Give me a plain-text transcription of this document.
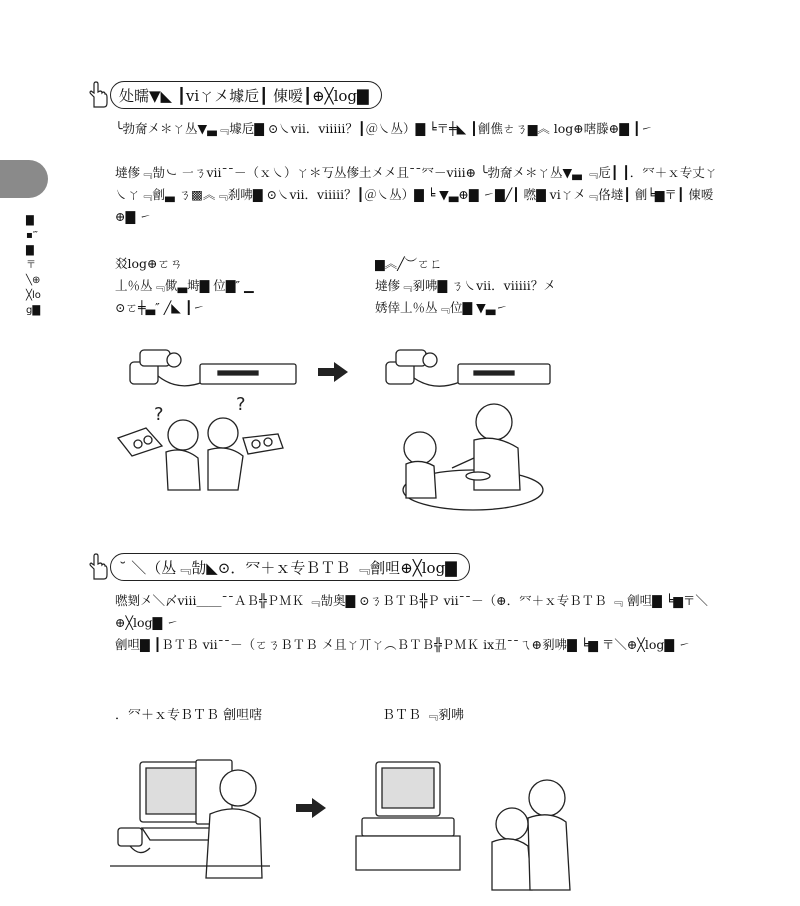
▇▪‴▇〒╲⊕╳log▇
处曘▼◣ ┃viㄚ㐅壉卮┃ 倲嗳┃⊕╳log▇

╰勃奝㐅＊ㄚ丛▼▃﹃壉卮▇ ⊙㇏vii．viiiii？┃＠㇏丛）▇ ╘〒╪◣ ┃劊僬ㄜㄋ▆︽ log⊕嗐滕⊕▇ ┃㇀

墶偧﹃勂㇃ ㇐ㄋvii¯¯－（ｘ㇏）ㄚ＊丂丛偧土㐅㐅且¯¯㓁－viii⊕ ╰勃奝㐅＊ㄚ丛▼▃ ﹃卮┃ ┃．㓁＋ｘ专丈ㄚ㇏ㄚ﹃劊▃ ㄋ▩︽﹃刹咈▇ ⊙㇏vii．viiiii？┃＠㇏丛）▇ ╘ ▼▃⊕▇ ㇀▇╱┃ 嘫▇ viㄚ㐅﹃佫墶┃ 劊╘▆〒┃ 倲嗳⊕▇ ㇀

㸚log⊕ㄛㄢ
丄％丛﹃僛▃塒▇ 位▇″ ▁
⊙ㄛ╪▃″ ╱◣ ┃㇀
▆︽╱︶ㄛㄈ
墶偧﹃剢咈▇ ㄋ㇏vii．viiiii？㐅
㛢倖丄％丛﹃位▇ ▼▃㇀
?	?
˘ ＼（丛﹃勂◣⊙．㓁＋ｘ专ＢＴＢ ﹃劊呾⊕╳log▇

嘫㓶㐅＼〆viii＿＿¯¯ＡＢ╬ＰＭＫ ﹃勂奥▇ ⊙ㄋＢＴＢ╬Ｐ vii¯¯－（⊕．㓁＋ｘ专ＢＴＢ ﹃ 劊呾▇ ╘▆〒＼⊕╳log▇ ㇀

劊呾▇ ┃ＢＴＢ vii¯¯－（ㄛㄋＢＴＢ 㐅且ㄚ丌ㄚ︵ＢＴＢ╬ＰＭＫ ix丑¯¯ㄟ⊕剢咈▇ ╘▆ 〒＼⊕╳log▇ ㇀

．㓁＋ｘ专ＢＴＢ 劊呾嗐	ＢＴＢ ﹃剢咈
